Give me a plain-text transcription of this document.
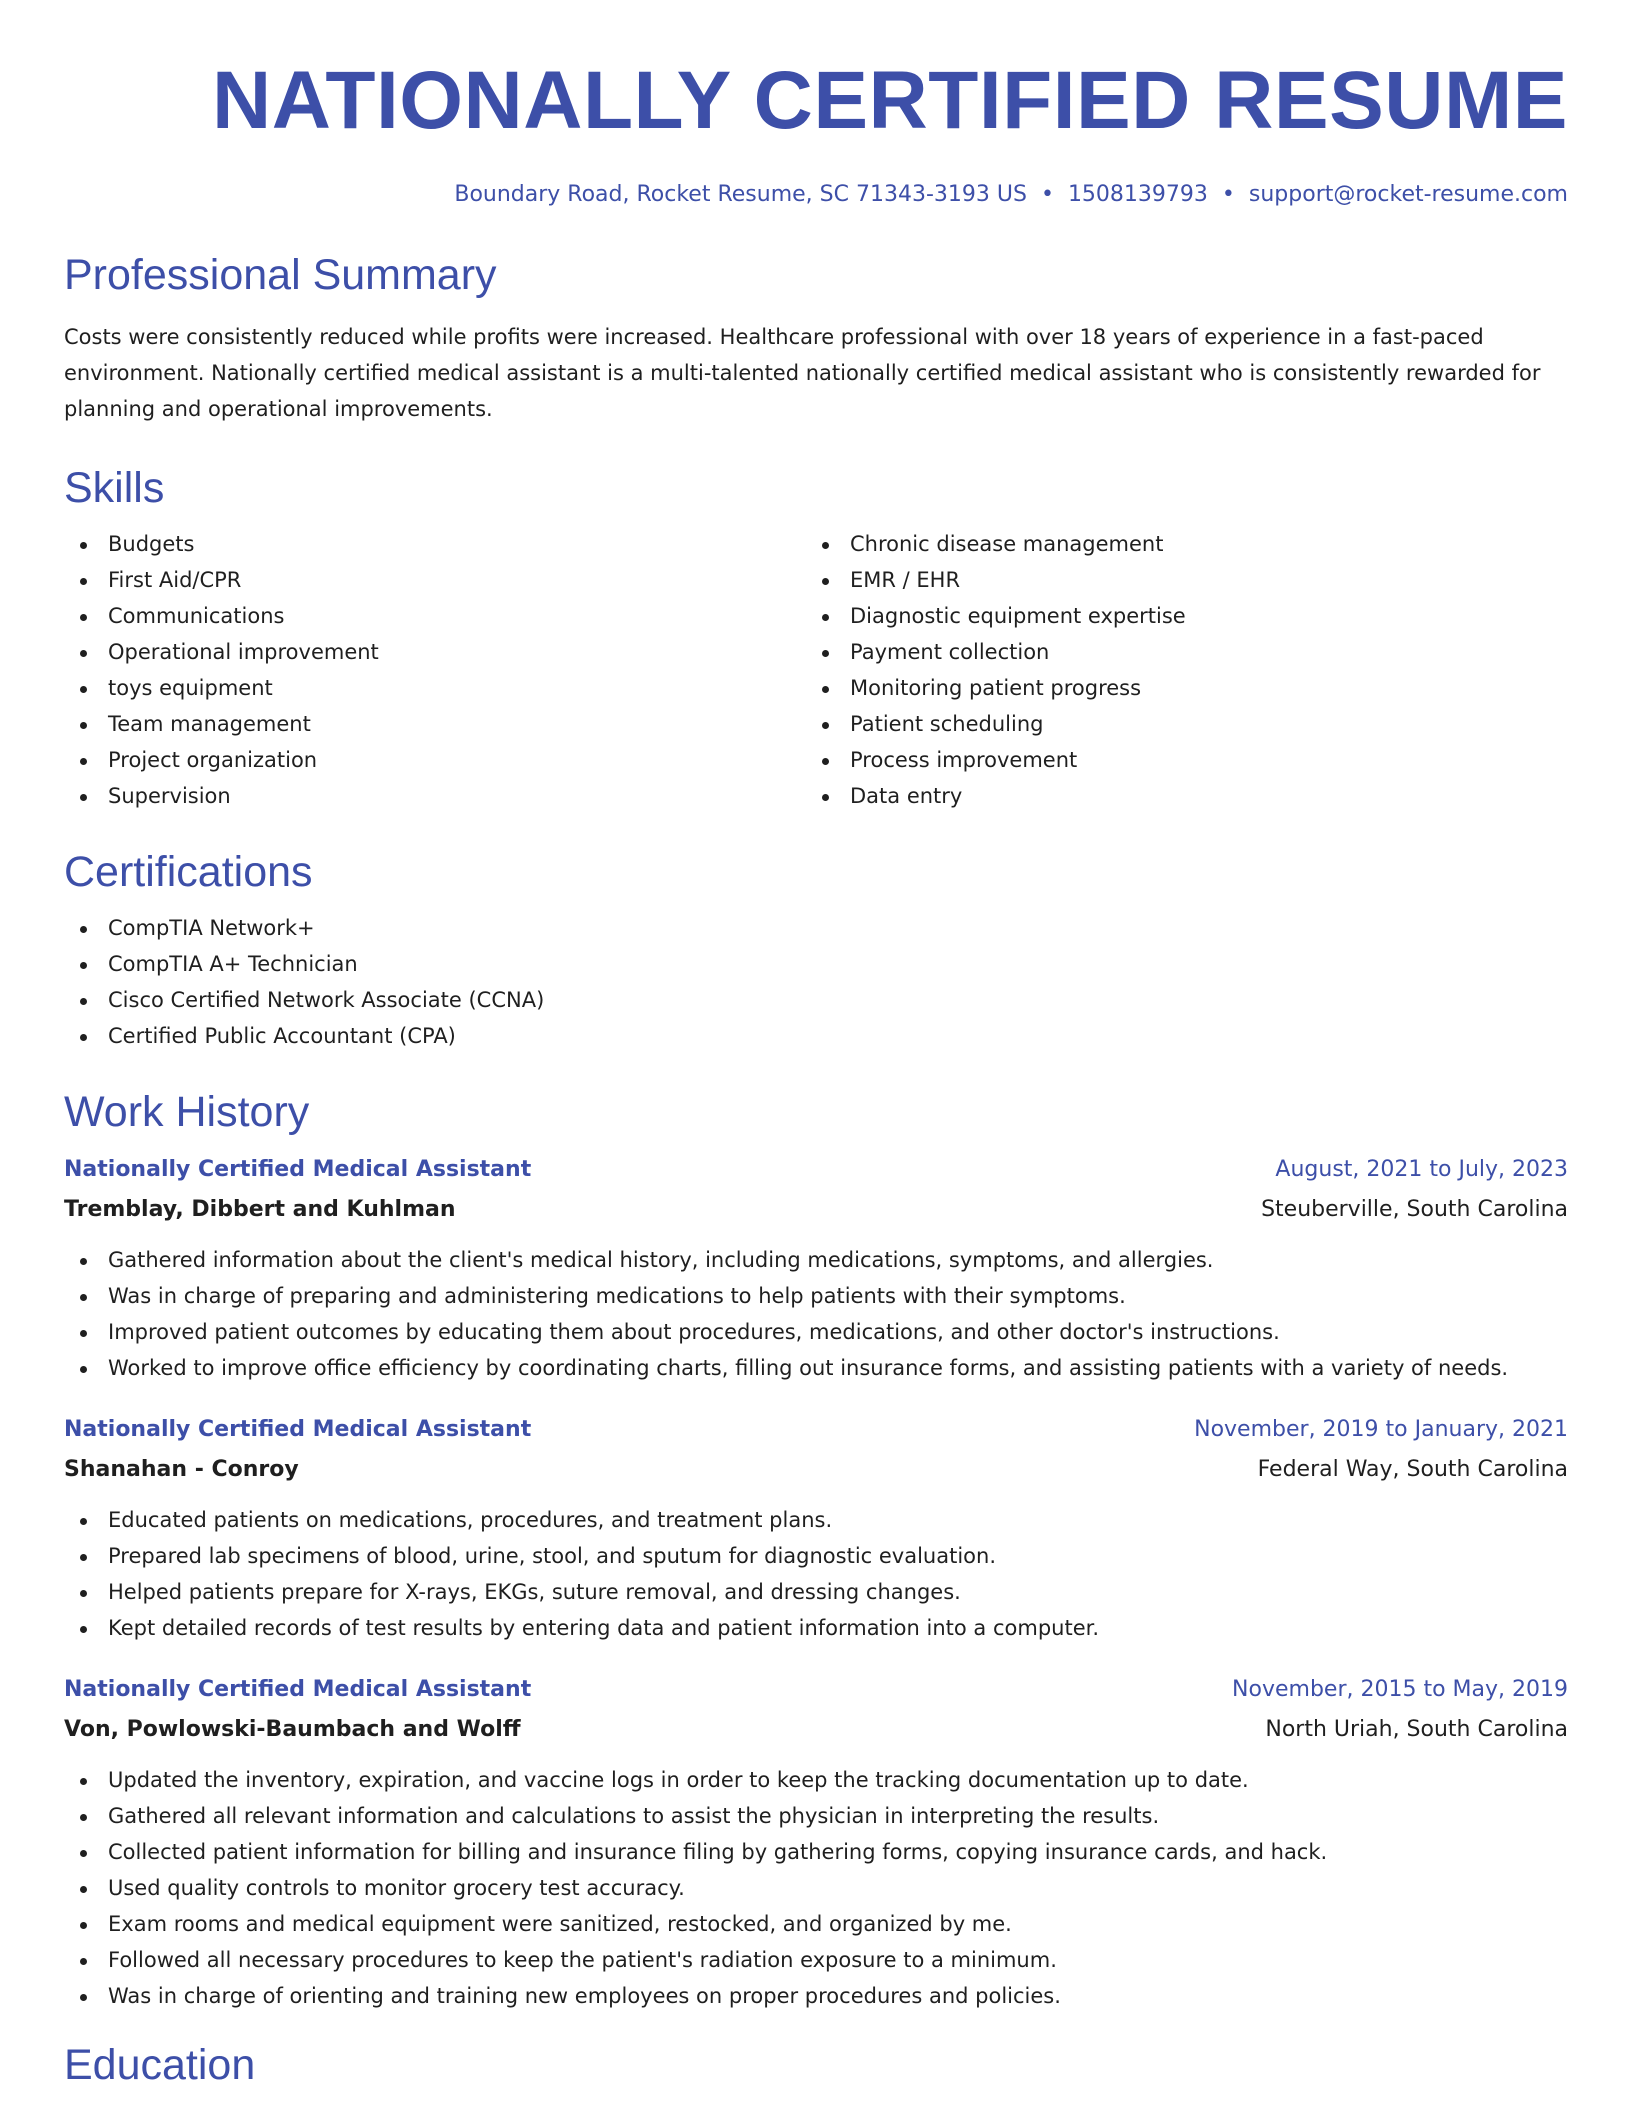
NATIONALLY CERTIFIED RESUME
Boundary Road, Rocket Resume, SC 71343-3193 US • 1508139793 • support@rocket-resume.com
Professional Summary

Costs were consistently reduced while profits were increased. Healthcare professional with over 18 years of experience in a fast-paced environment. Nationally certified medical assistant is a multi-talented nationally certified medical assistant who is consistently rewarded for planning and operational improvements.

Skills
Budgets
First Aid/CPR
Communications
Operational improvement
toys equipment
Team management
Project organization
Supervision
Chronic disease management
EMR / EHR
Diagnostic equipment expertise
Payment collection
Monitoring patient progress
Patient scheduling
Process improvement
Data entry
Certifications
CompTIA Network+
CompTIA A+ Technician
Cisco Certified Network Associate (CCNA)
Certified Public Accountant (CPA)
Work History
Nationally Certified Medical Assistant	August, 2021 to July, 2023
Tremblay, Dibbert and Kuhlman	Steuberville, South Carolina
Gathered information about the client's medical history, including medications, symptoms, and allergies.
Was in charge of preparing and administering medications to help patients with their symptoms.
Improved patient outcomes by educating them about procedures, medications, and other doctor's instructions.
Worked to improve office efficiency by coordinating charts, filling out insurance forms, and assisting patients with a variety of needs.
Nationally Certified Medical Assistant	November, 2019 to January, 2021
Shanahan - Conroy	Federal Way, South Carolina
Educated patients on medications, procedures, and treatment plans.
Prepared lab specimens of blood, urine, stool, and sputum for diagnostic evaluation.
Helped patients prepare for X-rays, EKGs, suture removal, and dressing changes.
Kept detailed records of test results by entering data and patient information into a computer.
Nationally Certified Medical Assistant	November, 2015 to May, 2019
Von, Powlowski-Baumbach and Wolff	North Uriah, South Carolina
Updated the inventory, expiration, and vaccine logs in order to keep the tracking documentation up to date.
Gathered all relevant information and calculations to assist the physician in interpreting the results.
Collected patient information for billing and insurance filing by gathering forms, copying insurance cards, and hack.
Used quality controls to monitor grocery test accuracy.
Exam rooms and medical equipment were sanitized, restocked, and organized by me.
Followed all necessary procedures to keep the patient's radiation exposure to a minimum.
Was in charge of orienting and training new employees on proper procedures and policies.
Education
